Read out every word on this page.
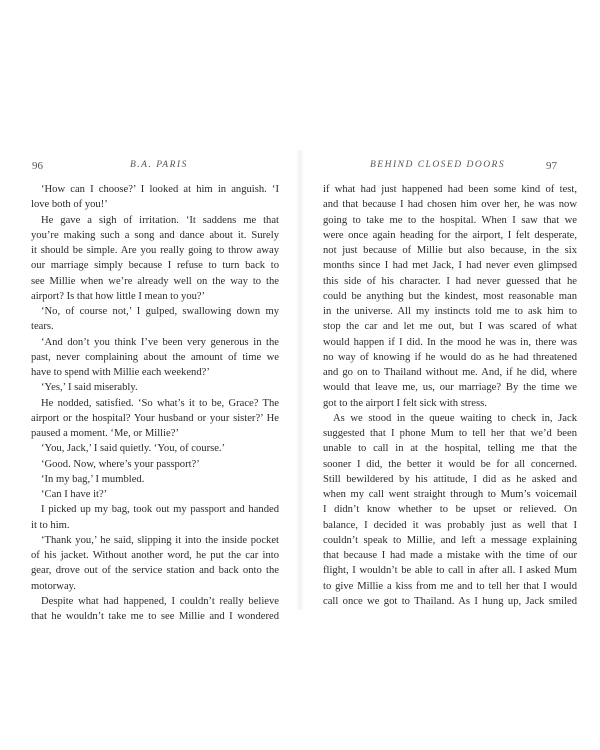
96	B.A. PARIS
‘How can I choose?’ I looked at him in anguish. ‘I
love both of you!’
He gave a sigh of irritation. ‘It saddens me that
you’re making such a song and dance about it. Surely
it should be simple. Are you really going to throw away
our marriage simply because I refuse to turn back to
see Millie when we’re already well on the way to the
airport? Is that how little I mean to you?’
‘No, of course not,’ I gulped, swallowing down my
tears.
‘And don’t you think I’ve been very generous in the
past, never complaining about the amount of time we
have to spend with Millie each weekend?’
‘Yes,’ I said miserably.
He nodded, satisfied. ‘So what’s it to be, Grace? The
airport or the hospital? Your husband or your sister?’ He
paused a moment. ‘Me, or Millie?’
‘You, Jack,’ I said quietly. ‘You, of course.’
‘Good. Now, where’s your passport?’
‘In my bag,’ I mumbled.
‘Can I have it?’
I picked up my bag, took out my passport and handed
it to him.
‘Thank you,’ he said, slipping it into the inside pocket
of his jacket. Without another word, he put the car into
gear, drove out of the service station and back onto the
motorway.
Despite what had happened, I couldn’t really believe
that he wouldn’t take me to see Millie and I wondered
BEHIND CLOSED DOORS	97
if what had just happened had been some kind of test,
and that because I had chosen him over her, he was now
going to take me to the hospital. When I saw that we
were once again heading for the airport, I felt desperate,
not just because of Millie but also because, in the six
months since I had met Jack, I had never even glimpsed
this side of his character. I had never guessed that he
could be anything but the kindest, most reasonable man
in the universe. All my instincts told me to ask him to
stop the car and let me out, but I was scared of what
would happen if I did. In the mood he was in, there was
no way of knowing if he would do as he had threatened
and go on to Thailand without me. And, if he did, where
would that leave me, us, our marriage? By the time we
got to the airport I felt sick with stress.
As we stood in the queue waiting to check in, Jack
suggested that I phone Mum to tell her that we’d been
unable to call in at the hospital, telling me that the
sooner I did, the better it would be for all concerned.
Still bewildered by his attitude, I did as he asked and
when my call went straight through to Mum’s voicemail
I didn’t know whether to be upset or relieved. On
balance, I decided it was probably just as well that I
couldn’t speak to Millie, and left a message explaining
that because I had made a mistake with the time of our
flight, I wouldn’t be able to call in after all. I asked Mum
to give Millie a kiss from me and to tell her that I would
call once we got to Thailand. As I hung up, Jack smiled
